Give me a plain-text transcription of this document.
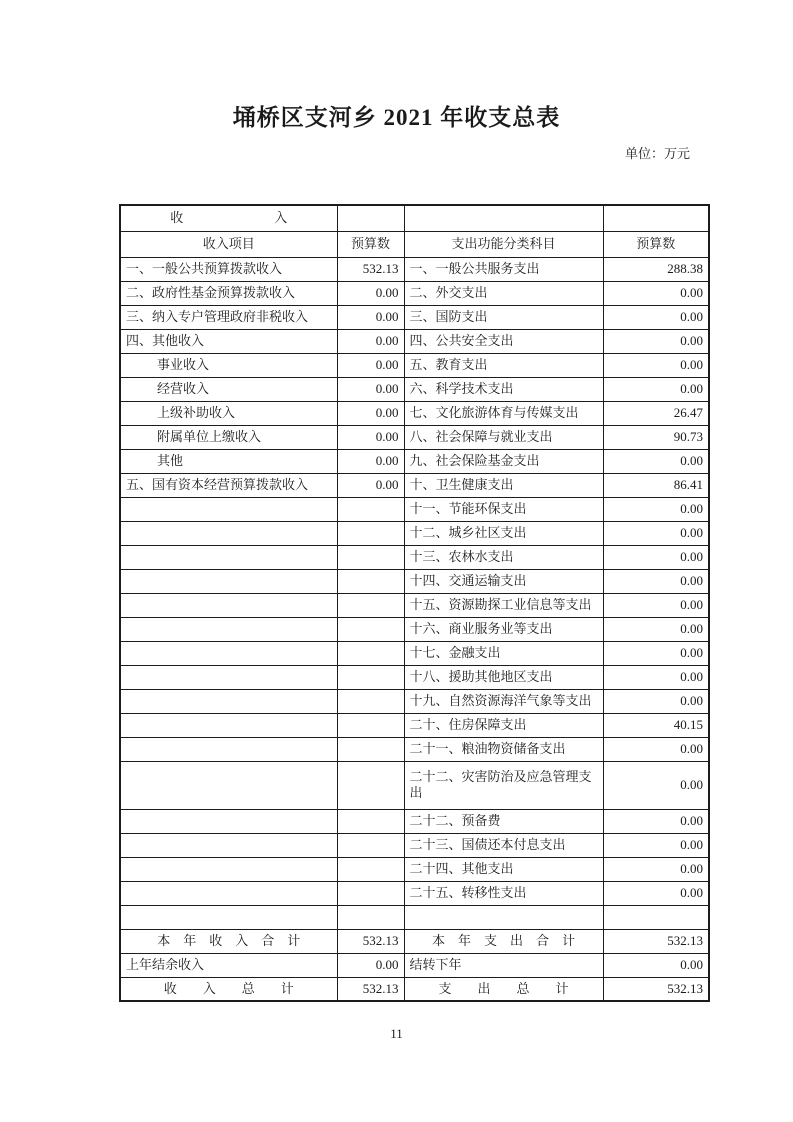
埇桥区支河乡 2021 年收支总表
单位：万元
收　　　　　　　入			
收入项目	预算数	支出功能分类科目	预算数
一、一般公共预算拨款收入	532.13	一、一般公共服务支出	288.38
二、政府性基金预算拨款收入	0.00	二、外交支出	0.00
三、纳入专户管理政府非税收入	0.00	三、国防支出	0.00
四、其他收入	0.00	四、公共安全支出	0.00
事业收入	0.00	五、教育支出	0.00
经营收入	0.00	六、科学技术支出	0.00
上级补助收入	0.00	七、文化旅游体育与传媒支出	26.47
附属单位上缴收入	0.00	八、社会保障与就业支出	90.73
其他	0.00	九、社会保险基金支出	0.00
五、国有资本经营预算拨款收入	0.00	十、卫生健康支出	86.41
		十一、节能环保支出	0.00
		十二、城乡社区支出	0.00
		十三、农林水支出	0.00
		十四、交通运输支出	0.00
		十五、资源勘探工业信息等支出	0.00
		十六、商业服务业等支出	0.00
		十七、金融支出	0.00
		十八、援助其他地区支出	0.00
		十九、自然资源海洋气象等支出	0.00
		二十、住房保障支出	40.15
		二十一、粮油物资储备支出	0.00
		二十二、灾害防治及应急管理支出	0.00
		二十二、预备费	0.00
		二十三、国债还本付息支出	0.00
		二十四、其他支出	0.00
		二十五、转移性支出	0.00

本　年　收　入　合　计	532.13	本　年　支　出　合　计	532.13
上年结余收入	0.00	结转下年	0.00
收　　入　　总　　计	532.13	支　　出　　总　　计	532.13
11
